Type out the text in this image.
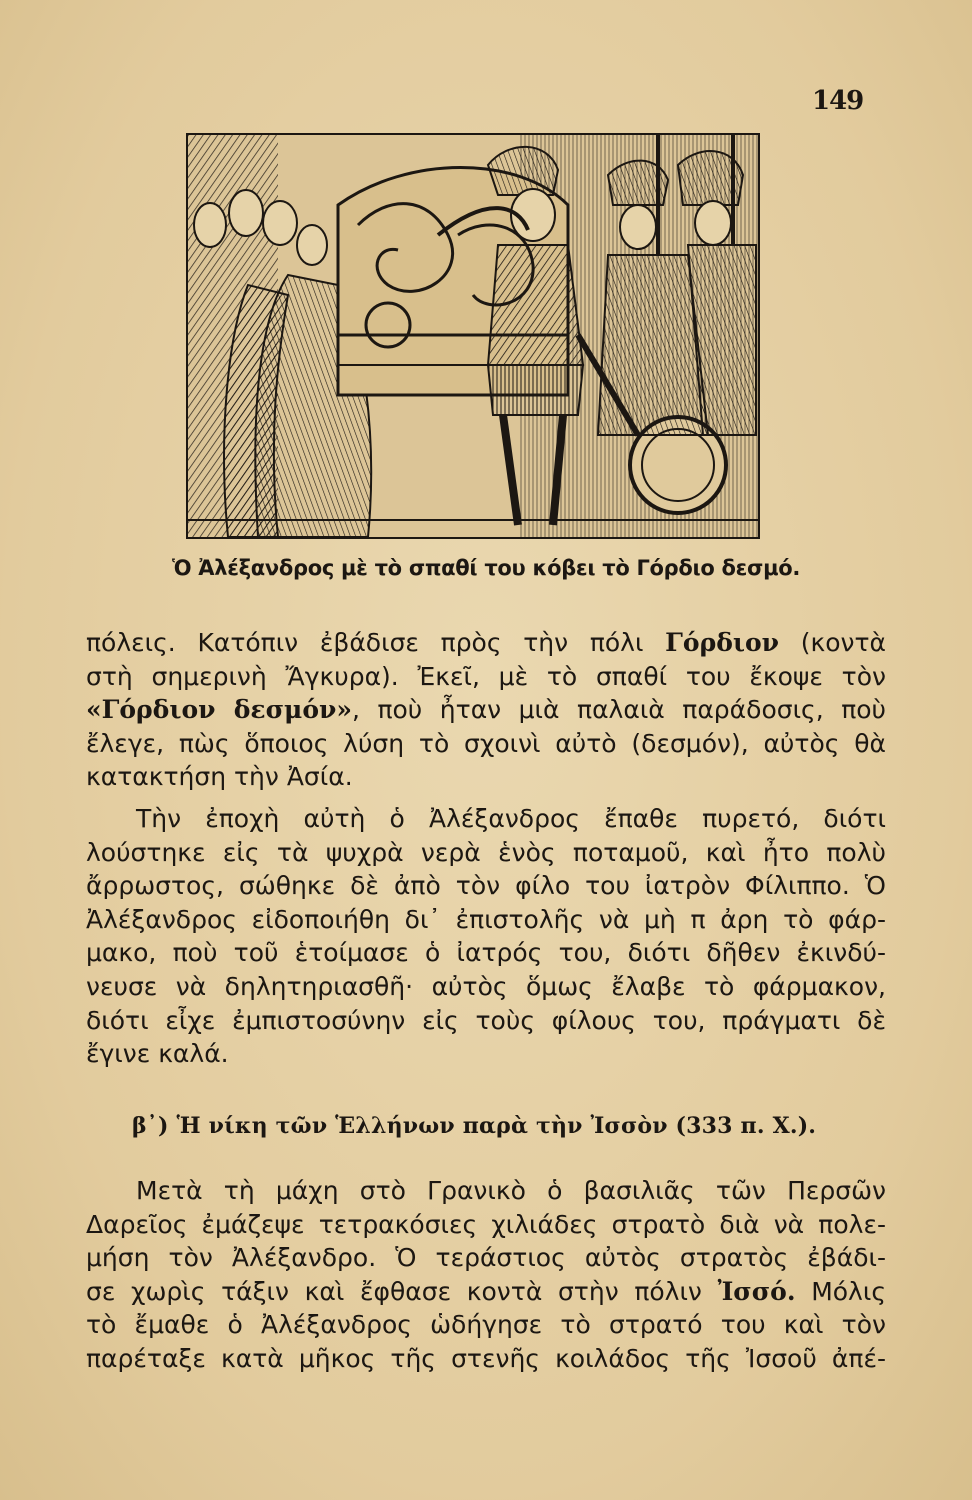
149
Ὁ Ἀλέξανδρος μὲ τὸ σπαθί του κόβει τὸ Γόρδιο δεσμό.

πόλεις. Κατόπιν ἐβάδισε πρὸς τὴν πόλι Γόρδιον (κοντὰ
στὴ σημερινὴ Ἄγκυρα). Ἐκεῖ, μὲ τὸ σπαθί του ἔκοψε τὸν
«Γόρδιον δεσμόν», ποὺ ἦταν μιὰ παλαιὰ παράδοσις, ποὺ
ἔλεγε, πὼς ὅποιος λύση τὸ σχοινὶ αὐτὸ (δεσμόν), αὐτὸς θὰ
κατακτήση τὴν Ἀσία.

Τὴν ἐποχὴ αὐτὴ ὁ Ἀλέξανδρος ἔπαθε πυρετό, διότι
λούστηκε εἰς τὰ ψυχρὰ νερὰ ἑνὸς ποταμοῦ, καὶ ἦτο πολὺ
ἄρρωστος, σώθηκε δὲ ἀπὸ τὸν φίλο του ἰατρὸν Φίλιππο. Ὁ
Ἀλέξανδρος εἰδοποιήθη δι᾽ ἐπιστολῆς νὰ μὴ π ἀρη τὸ φάρ-
μακο, ποὺ τοῦ ἑτοίμασε ὁ ἰατρός του, διότι δῆθεν ἐκινδύ-
νευσε νὰ δηλητηριασθῆ· αὐτὸς ὅμως ἔλαβε τὸ φάρμακον,
διότι εἶχε ἐμπιστοσύνην εἰς τοὺς φίλους του, πράγματι δὲ
ἔγινε καλά.

β᾽) Ἡ νίκη τῶν Ἑλλήνων παρὰ τὴν Ἰσσὸν (333 π. Χ.).

Μετὰ τὴ μάχη στὸ Γρανικὸ ὁ βασιλιᾶς τῶν Περσῶν
Δαρεῖος ἐμάζεψε τετρακόσιες χιλιάδες στρατὸ διὰ νὰ πολε-
μήση τὸν Ἀλέξανδρο. Ὁ τεράστιος αὐτὸς στρατὸς ἐβάδι-
σε χωρὶς τάξιν καὶ ἔφθασε κοντὰ στὴν πόλιν Ἰσσό. Μόλις
τὸ ἔμαθε ὁ Ἀλέξανδρος ὡδήγησε τὸ στρατό του καὶ τὸν
παρέταξε κατὰ μῆκος τῆς στενῆς κοιλάδος τῆς Ἰσσοῦ ἀπέ-
